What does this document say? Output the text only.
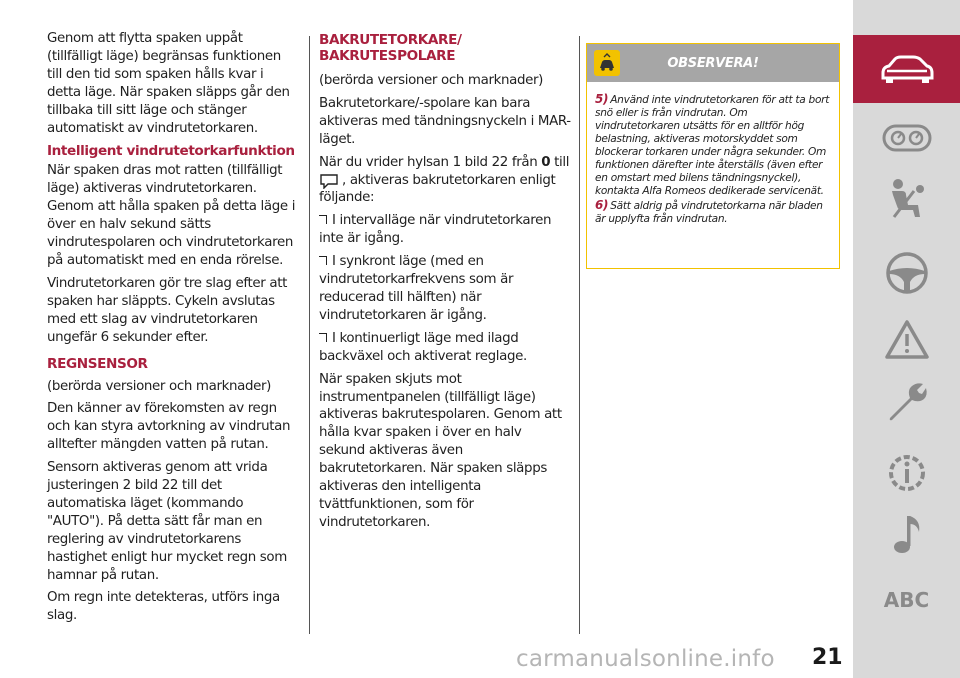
Genom att flytta spaken uppåt (tillfälligt läge) begränsas funktionen till den tid som spaken hålls kvar i detta läge. När spaken släpps går den tillbaka till sitt läge och stänger automatiskt av vindrutetorkaren.

Intelligent vindrutetorkarfunktion

När spaken dras mot ratten (tillfälligt läge) aktiveras vindrutetorkaren. Genom att hålla spaken på detta läge i över en halv sekund sätts vindrutespolaren och vindrutetorkaren på automatiskt med en enda rörelse.

Vindrutetorkaren gör tre slag efter att spaken har släppts. Cykeln avslutas med ett slag av vindrutetorkaren ungefär 6 sekunder efter.

REGNSENSOR

(berörda versioner och marknader)

Den känner av förekomsten av regn och kan styra avtorkning av vindrutan alltefter mängden vatten på rutan.

Sensorn aktiveras genom att vrida justeringen 2 bild 22 till det automatiska läget (kommando "AUTO"). På detta sätt får man en reglering av vindrutetorkarens hastighet enligt hur mycket regn som hamnar på rutan.

Om regn inte detekteras, utförs inga slag.

BAKRUTETORKARE/ BAKRUTESPOLARE

(berörda versioner och marknader)

Bakrutetorkare/-spolare kan bara aktiveras med tändningsnyckeln i MAR-läget.

När du vrider hylsan 1 bild 22 från 0 till
, aktiveras bakrutetorkaren enligt följande:

I intervalläge när vindrutetorkaren inte är igång.

I synkront läge (med en vindrutetorkarfrekvens som är reducerad till hälften) när vindrutetorkaren är igång.

I kontinuerligt läge med ilagd backväxel och aktiverat reglage.

När spaken skjuts mot instrumentpanelen (tillfälligt läge) aktiveras bakrutespolaren. Genom att hålla kvar spaken i över en halv sekund aktiveras även bakrutetorkaren. När spaken släpps aktiveras den intelligenta tvättfunktionen, som för vindrutetorkaren.

OBSERVERA!

5) Använd inte vindrutetorkaren för att ta bort snö eller is från vindrutan. Om vindrutetorkaren utsätts för en alltför hög belastning, aktiveras motorskyddet som blockerar torkaren under några sekunder. Om funktionen därefter inte återställs (även efter en omstart med bilens tändningsnyckel), kontakta Alfa Romeos dedikerade servicenät.

6) Sätt aldrig på vindrutetorkarna när bladen är upplyfta från vindrutan.

ABC
carmanualsonline.info 21
